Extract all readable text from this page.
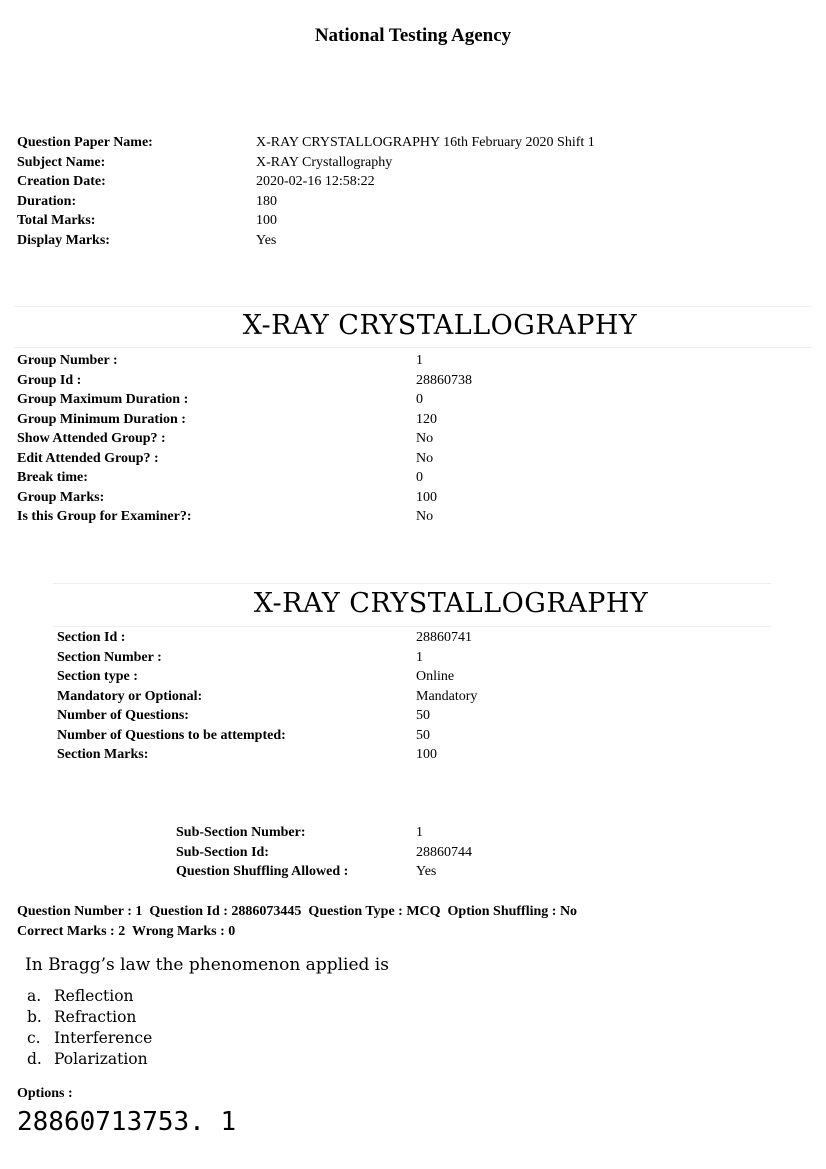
National Testing Agency
Question Paper Name:	X-RAY CRYSTALLOGRAPHY 16th February 2020 Shift 1
Subject Name:	X-RAY Crystallography
Creation Date:	2020-02-16 12:58:22
Duration:	180
Total Marks:	100
Display Marks:	Yes
X-RAY CRYSTALLOGRAPHY
Group Number :	1
Group Id :	28860738
Group Maximum Duration :	0
Group Minimum Duration :	120
Show Attended Group? :	No
Edit Attended Group? :	No
Break time:	0
Group Marks:	100
Is this Group for Examiner?:	No
X-RAY CRYSTALLOGRAPHY
Section Id :	28860741
Section Number :	1
Section type :	Online
Mandatory or Optional:	Mandatory
Number of Questions:	50
Number of Questions to be attempted:	50
Section Marks:	100
Sub-Section Number:	1
Sub-Section Id:	28860744
Question Shuffling Allowed :	Yes
Question Number : 1  Question Id : 2886073445  Question Type : MCQ  Option Shuffling : No
Correct Marks : 2  Wrong Marks : 0
In Bragg’s law the phenomenon applied is
a. Reflection
b. Refraction
c. Interference
d. Polarization
Options :
28860713753. 1
